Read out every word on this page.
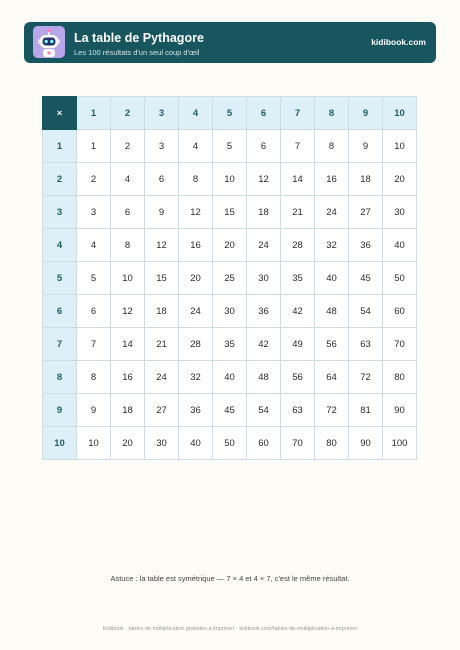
La table de Pythagore
Les 100 résultats d'un seul coup d'œil
kidibook.com
×	1	2	3	4	5	6	7	8	9	10
1	1	2	3	4	5	6	7	8	9	10
2	2	4	6	8	10	12	14	16	18	20
3	3	6	9	12	15	18	21	24	27	30
4	4	8	12	16	20	24	28	32	36	40
5	5	10	15	20	25	30	35	40	45	50
6	6	12	18	24	30	36	42	48	54	60
7	7	14	21	28	35	42	49	56	63	70
8	8	16	24	32	40	48	56	64	72	80
9	9	18	27	36	45	54	63	72	81	90
10	10	20	30	40	50	60	70	80	90	100
Astuce : la table est symétrique — 7 × 4 et 4 × 7, c'est le même résultat.
Kidibook · tables de multiplication gratuites à imprimer · kidibook.com/tables-de-multiplication-a-imprimer
